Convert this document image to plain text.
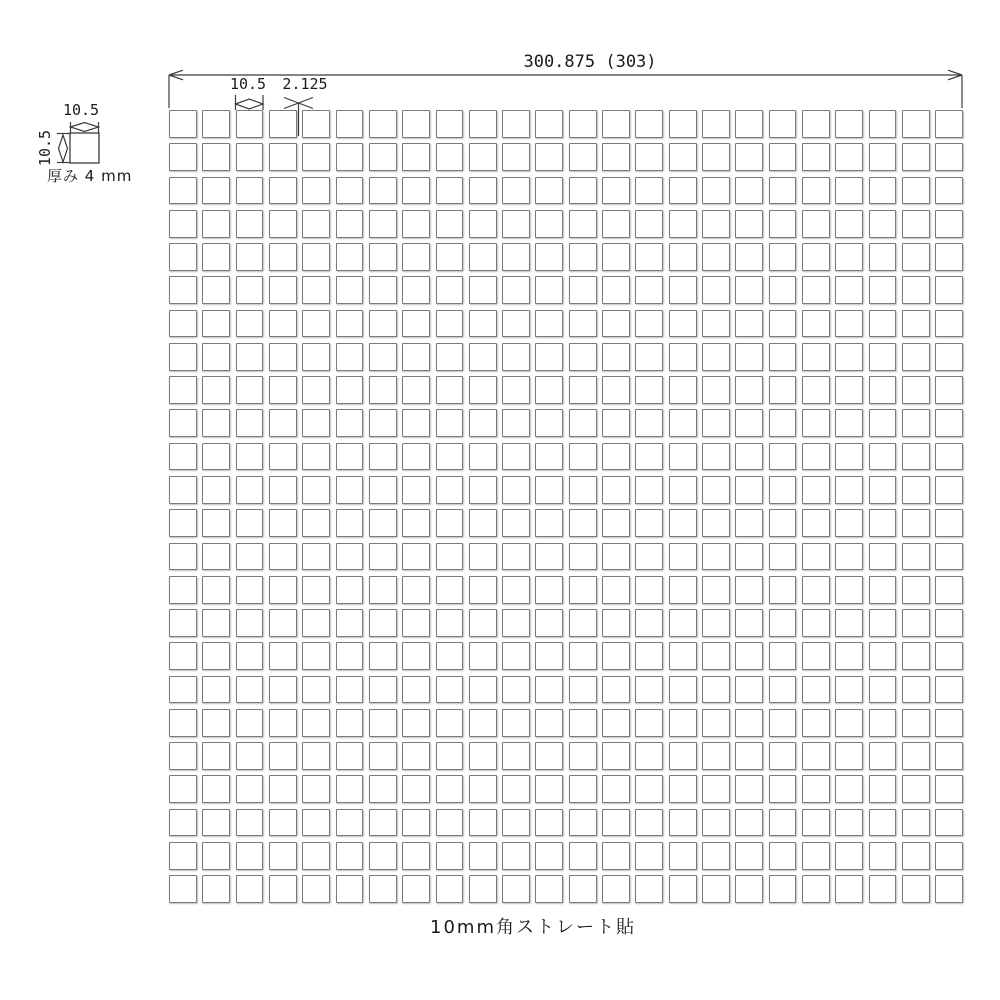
300.875 (303)
10.5	2.125
10.5
10.5
厚み 4 mm
10mm角ストレート貼
